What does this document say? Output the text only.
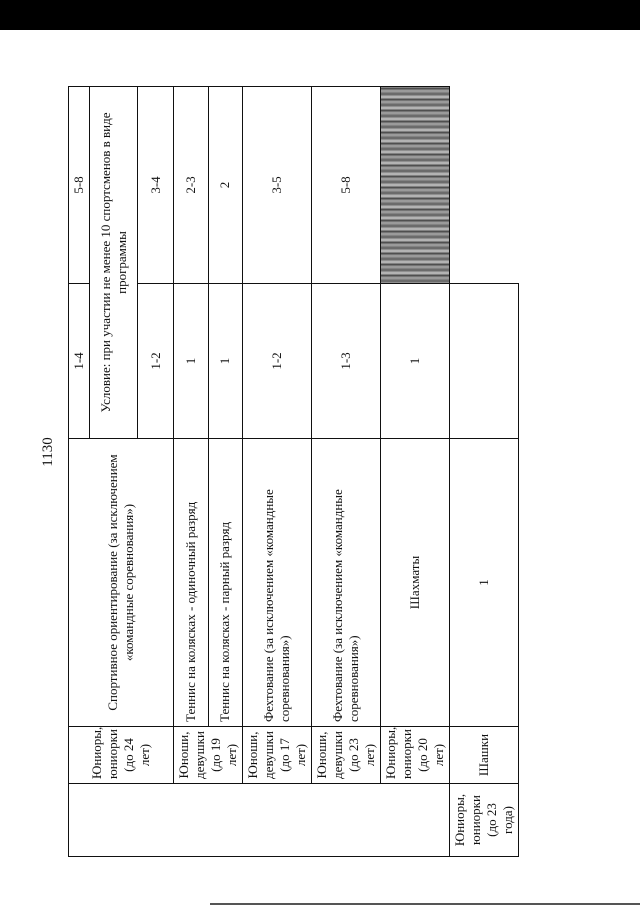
1130
	Юниоры, юниорки (до 24 лет)	Спортивное ориентирование (за исключением «командные соревнования»)	1-4	5-8
			Условие: при участии не менее 10 спортсменов в виде программы	
			1-2	3-4
	Юноши, девушки (до 19 лет)	Теннис на колясках - одиночный разряд	1	2-3
		Теннис на колясках - парный разряд	1	2
	Юноши, девушки (до 17 лет)	Фехтование (за исключением «командные соревнования»)	1-2	3-5
	Юноши, девушки (до 23 лет)	Фехтование (за исключением «командные соревнования»)	1-3	5-8
	Юниоры, юниорки (до 20 лет)	Шахматы	1	
Юниоры, юниорки (до 23 года)	Шашки	1		
